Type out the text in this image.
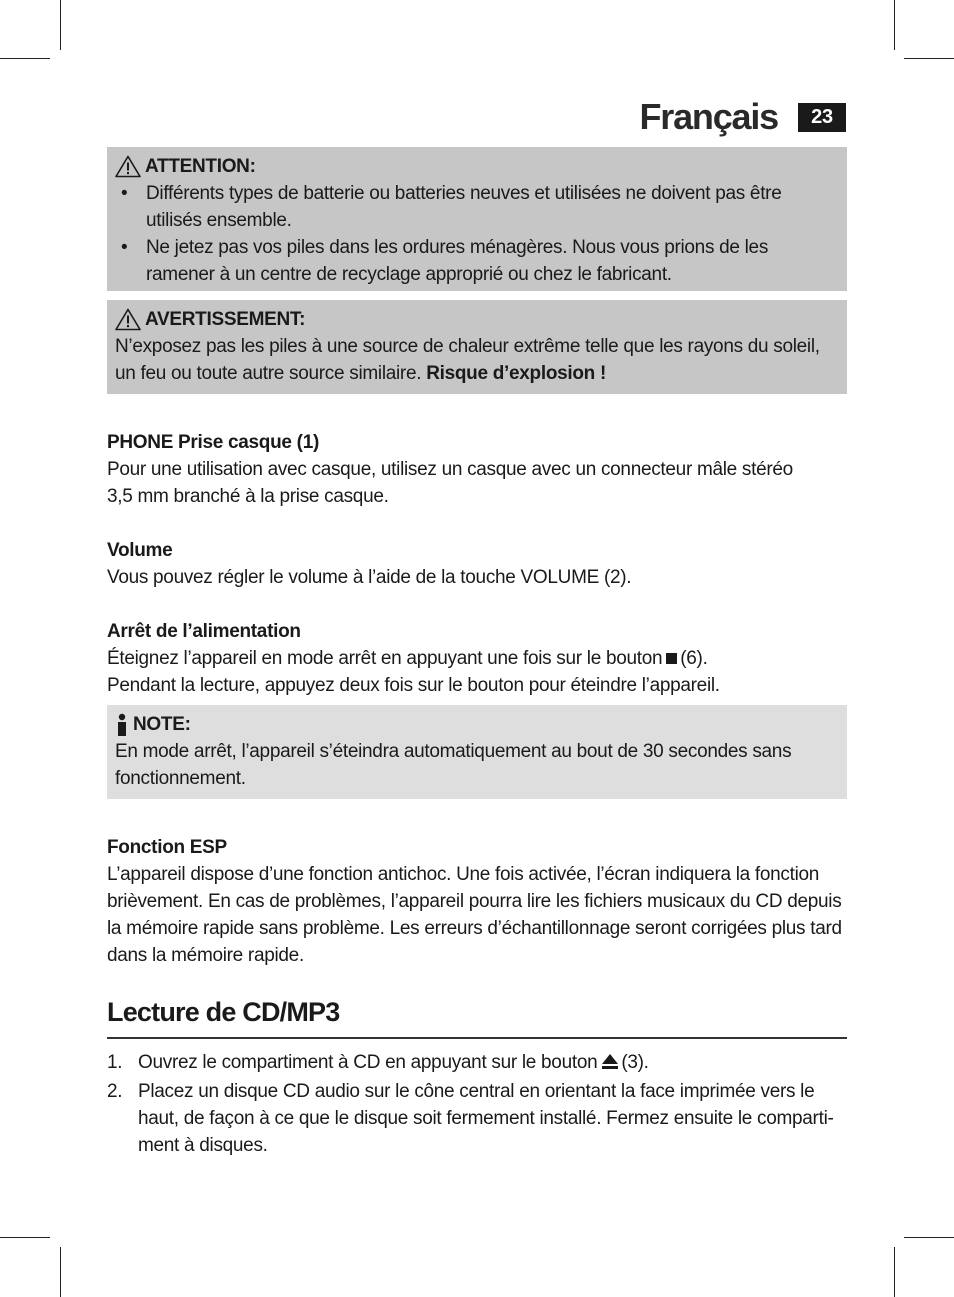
Français	23
ATTENTION:
• Différents types de batterie ou batteries neuves et utilisées ne doivent pas être utilisés ensemble.
• Ne jetez pas vos piles dans les ordures ménagères. Nous vous prions de les ramener à un centre de recyclage approprié ou chez le fabricant.
AVERTISSEMENT:

N’exposez pas les piles à une source de chaleur extrême telle que les rayons du soleil, un feu ou toute autre source similaire. Risque d’explosion !

PHONE Prise casque (1)

Pour une utilisation avec casque, utilisez un casque avec un connecteur mâle stéréo

3,5 mm branché à la prise casque.

Volume

Vous pouvez régler le volume à l’aide de la touche VOLUME (2).

Arrêt de l’alimentation

Éteignez l’appareil en mode arrêt en appuyant une fois sur le bouton (6).

Pendant la lecture, appuyez deux fois sur le bouton pour éteindre l’appareil.

NOTE:

En mode arrêt, l’appareil s’éteindra automatiquement au bout de 30 secondes sans fonctionnement.

Fonction ESP

L’appareil dispose d’une fonction antichoc. Une fois activée, l’écran indiquera la fonction brièvement. En cas de problèmes, l’appareil pourra lire les fichiers musicaux du CD depuis la mémoire rapide sans problème. Les erreurs d’échantillonnage seront corrigées plus tard dans la mémoire rapide.

Lecture de CD/MP3
1. Ouvrez le compartiment à CD en appuyant sur le bouton (3).
2. Placez un disque CD audio sur le cône central en orientant la face imprimée vers le haut, de façon à ce que le disque soit fermement installé. Fermez ensuite le comparti-ment à disques.
